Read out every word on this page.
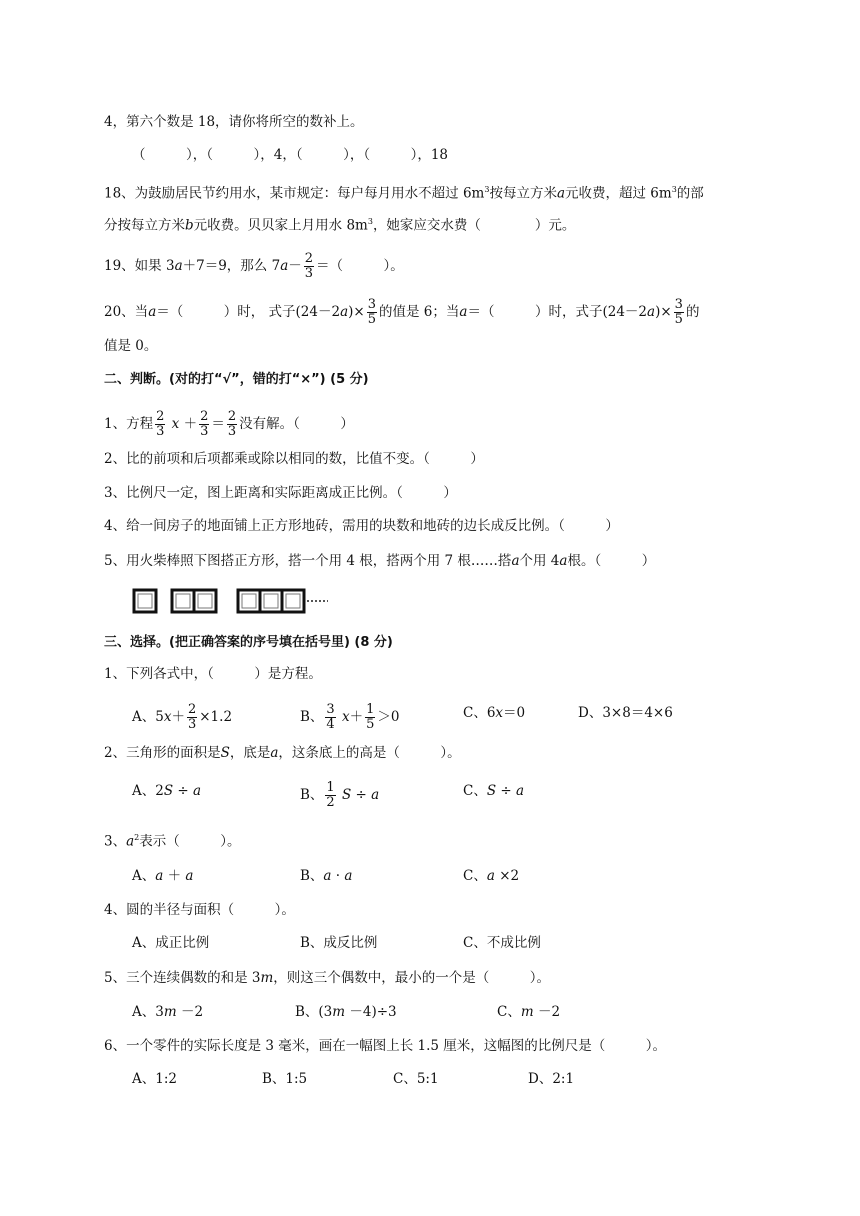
4，第六个数是 18，请你将所空的数补上。
（　　　），（　　　），4，（　　　），（　　　），18
18、为鼓励居民节约用水，某市规定：每户每月用水不超过 $6m^3$按每立方米a元收费，超过 $6m^3$的部
分按每立方米b元收费。贝贝家上月用水 $8m^3$，她家应交水费（　　　　）元。
19、如果 3a＋7＝9，那么 $7a- \frac{2}{3}$ ＝（　　　）。
20、当a＝（　　　）时， 式子$(24-2a)\times \frac{3}{5}$ 的值是 6；当a＝（　　　）时，式子$(24-2a)\times \frac{3}{5}$ 的
值是 0。
二、判断。(对的打“√”，错的打“×”) (5 分)
1、方程 $\frac{2}{3}$ $x + \frac{2}{3} = \frac{2}{3}$ 没有解。（　　　）
2、比的前项和后项都乘或除以相同的数，比值不变。（　　　）
3、比例尺一定，图上距离和实际距离成正比例。（　　　）
4、给一间房子的地面铺上正方形地砖，需用的块数和地砖的边长成反比例。（　　　）
5、用火柴棒照下图搭正方形，搭一个用 4 根，搭两个用 7 根……搭a个用 4a根。（　　　）
三、选择。(把正确答案的序号填在括号里) (8 分)
1、下列各式中，（　　　）是方程。
A、$5x+ \frac{2}{3} \times 1.2$	B、 $\frac{3}{4} x+ \frac{1}{5} >0$	C、6x＝0	D、3×8＝4×6
2、三角形的面积是S，底是a，这条底上的高是（　　　）。
A、2S ÷ a	B、 $\frac{1}{2}$ S ÷ a	C、S ÷ a
3、$a^2$表示（　　　）。
A、a ＋ a	B、a · a	C、a ×2
4、圆的半径与面积（　　　）。
A、成正比例	B、成反比例	C、不成比例
5、三个连续偶数的和是 3m，则这三个偶数中，最小的一个是（　　　）。
A、3m －2	B、(3m －4)÷3	C、m －2
6、一个零件的实际长度是 3 毫米，画在一幅图上长 1.5 厘米，这幅图的比例尺是（　　　）。
A、1:2	B、1:5	C、5:1	D、2:1
